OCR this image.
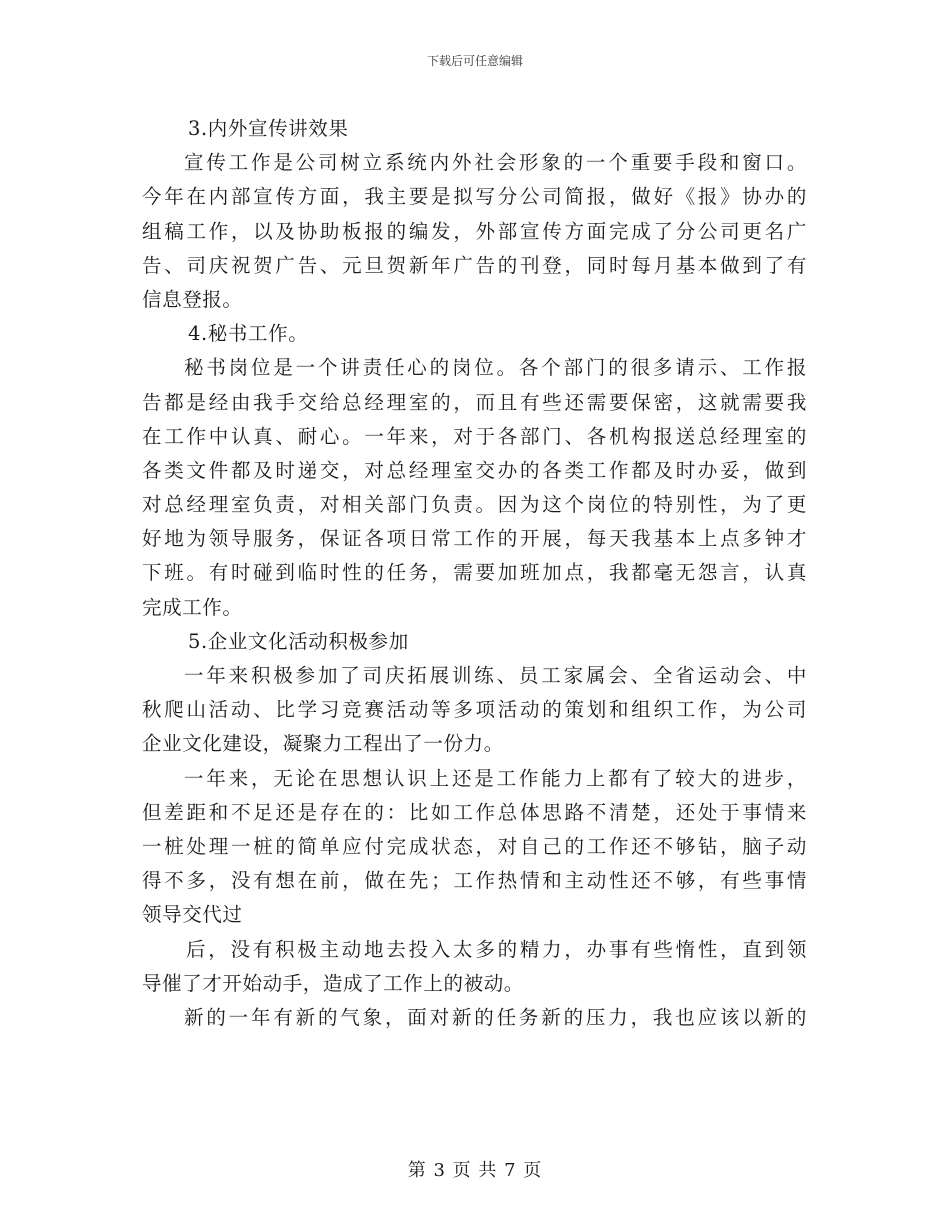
下载后可任意编辑
3.内外宣传讲效果
宣传工作是公司树立系统内外社会形象的一个重要手段和窗口。
今年在内部宣传方面，我主要是拟写分公司简报，做好《报》协办的
组稿工作，以及协助板报的编发，外部宣传方面完成了分公司更名广
告、司庆祝贺广告、元旦贺新年广告的刊登，同时每月基本做到了有
信息登报。
4.秘书工作。
秘书岗位是一个讲责任心的岗位。各个部门的很多请示、工作报
告都是经由我手交给总经理室的，而且有些还需要保密，这就需要我
在工作中认真、耐心。一年来，对于各部门、各机构报送总经理室的
各类文件都及时递交，对总经理室交办的各类工作都及时办妥，做到
对总经理室负责，对相关部门负责。因为这个岗位的特别性，为了更
好地为领导服务，保证各项日常工作的开展，每天我基本上点多钟才
下班。有时碰到临时性的任务，需要加班加点，我都毫无怨言，认真
完成工作。
5.企业文化活动积极参加
一年来积极参加了司庆拓展训练、员工家属会、全省运动会、中
秋爬山活动、比学习竞赛活动等多项活动的策划和组织工作，为公司
企业文化建设，凝聚力工程出了一份力。
一年来，无论在思想认识上还是工作能力上都有了较大的进步，
但差距和不足还是存在的：比如工作总体思路不清楚，还处于事情来
一桩处理一桩的简单应付完成状态，对自己的工作还不够钻，脑子动
得不多，没有想在前，做在先；工作热情和主动性还不够，有些事情
领导交代过
后，没有积极主动地去投入太多的精力，办事有些惰性，直到领
导催了才开始动手，造成了工作上的被动。
新的一年有新的气象，面对新的任务新的压力，我也应该以新的
第 3 页 共 7 页
